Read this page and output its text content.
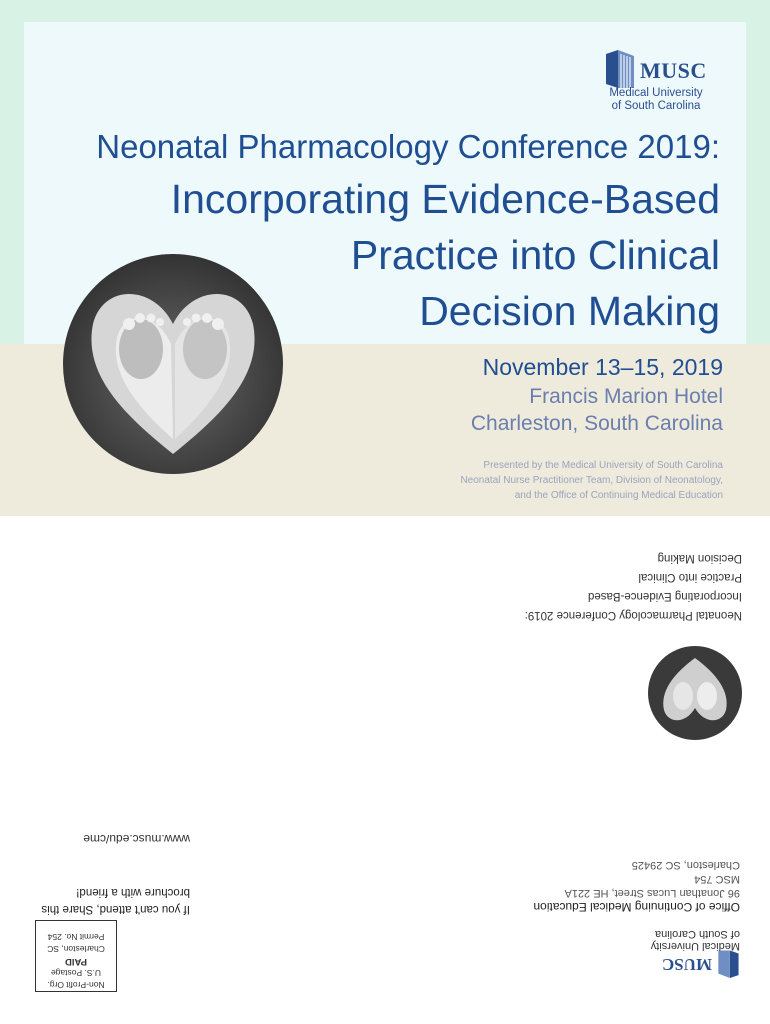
MUSC
Medical University
of South Carolina
Neonatal Pharmacology Conference 2019:
Incorporating Evidence-Based
Practice into Clinical
Decision Making
November 13–15, 2019
Francis Marion Hotel
Charleston, South Carolina
Presented by the Medical University of South Carolina
Neonatal Nurse Practitioner Team, Division of Neonatology,
and the Office of Continuing Medical Education
Neonatal Pharmacology Conference 2019:
Incorporating Evidence-Based
Practice into Clinical
Decision Making
MUSC
Medical University
of South Carolina
Office of Continuing Medical Education
96 Jonathan Lucas Street, HE 221A
MSC 754
Charleston, SC 29425
www.musc.edu/cme
If you can't attend, Share this
brochure with a friend!
Non-Profit Org.
U.S. Postage
PAID
Charleston, SC
Permit No. 254
